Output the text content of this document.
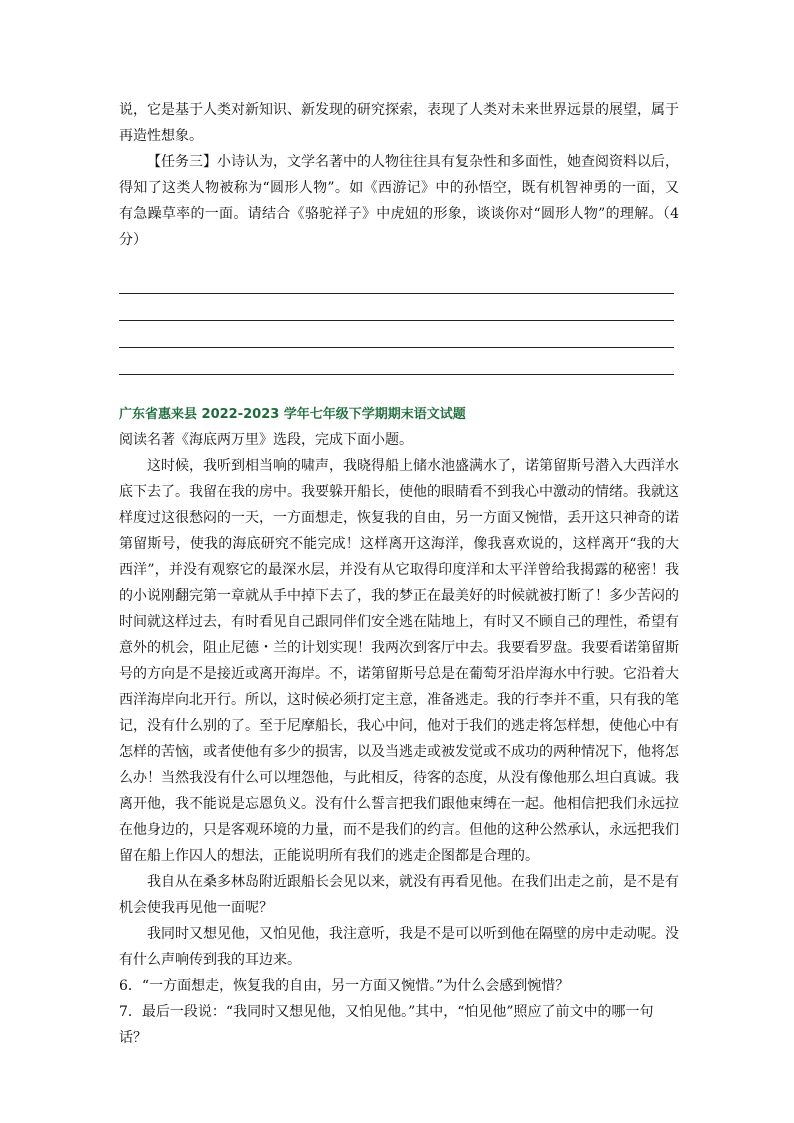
说，它是基于人类对新知识、新发现的研究探索，表现了人类对未来世界远景的展望，属于再造性想象。

【任务三】小诗认为，文学名著中的人物往往具有复杂性和多面性，她查阅资料以后，得知了这类人物被称为“圆形人物”。如《西游记》中的孙悟空，既有机智神勇的一面，又有急躁草率的一面。请结合《骆驼祥子》中虎妞的形象，谈谈你对“圆形人物”的理解。（4分）

广东省惠来县 2022-2023 学年七年级下学期期末语文试题

阅读名著《海底两万里》选段，完成下面小题。

这时候，我听到相当响的啸声，我晓得船上储水池盛满水了，诺第留斯号潜入大西洋水底下去了。我留在我的房中。我要躲开船长，使他的眼睛看不到我心中激动的情绪。我就这样度过这很愁闷的一天，一方面想走，恢复我的自由，另一方面又惋惜，丢开这只神奇的诺第留斯号，使我的海底研究不能完成！这样离开这海洋，像我喜欢说的，这样离开“我的大西洋”，并没有观察它的最深水层，并没有从它取得印度洋和太平洋曾给我揭露的秘密！我的小说刚翻完第一章就从手中掉下去了，我的梦正在最美好的时候就被打断了！多少苦闷的时间就这样过去，有时看见自己跟同伴们安全逃在陆地上，有时又不顾自己的理性，希望有意外的机会，阻止尼德・兰的计划实现！我两次到客厅中去。我要看罗盘。我要看诺第留斯号的方向是不是接近或离开海岸。不，诺第留斯号总是在葡萄牙沿岸海水中行驶。它沿着大西洋海岸向北开行。所以，这时候必须打定主意，准备逃走。我的行李并不重，只有我的笔记，没有什么别的了。至于尼摩船长，我心中问，他对于我们的逃走将怎样想，使他心中有怎样的苦恼，或者使他有多少的损害，以及当逃走或被发觉或不成功的两种情况下，他将怎么办！当然我没有什么可以埋怨他，与此相反，待客的态度，从没有像他那么坦白真诚。我离开他，我不能说是忘恩负义。没有什么誓言把我们跟他束缚在一起。他相信把我们永远拉在他身边的，只是客观环境的力量，而不是我们的约言。但他的这种公然承认，永远把我们留在船上作囚人的想法，正能说明所有我们的逃走企图都是合理的。

我自从在桑多林岛附近跟船长会见以来，就没有再看见他。在我们出走之前，是不是有机会使我再见他一面呢？

我同时又想见他，又怕见他，我注意听，我是不是可以听到他在隔壁的房中走动呢。没有什么声响传到我的耳边来。

6．“一方面想走，恢复我的自由，另一方面又惋惜。”为什么会感到惋惜？

7．最后一段说：“我同时又想见他，又怕见他。”其中，“怕见他”照应了前文中的哪一句话？
